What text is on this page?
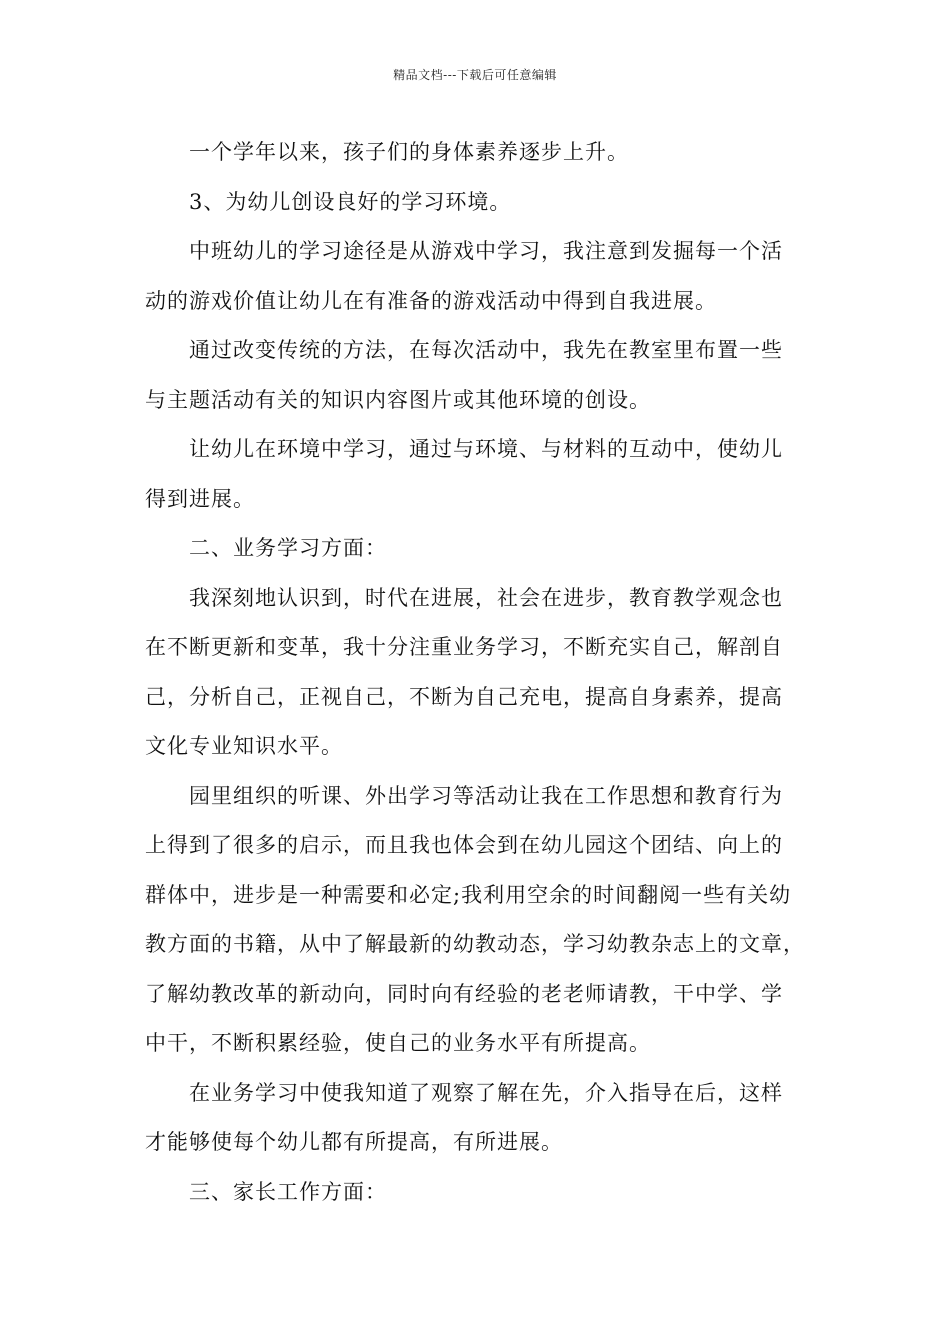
精品文档---下载后可任意编辑
一个学年以来，孩子们的身体素养逐步上升。
3、为幼儿创设良好的学习环境。
中班幼儿的学习途径是从游戏中学习，我注意到发掘每一个活
动的游戏价值让幼儿在有准备的游戏活动中得到自我进展。
通过改变传统的方法，在每次活动中，我先在教室里布置一些
与主题活动有关的知识内容图片或其他环境的创设。
让幼儿在环境中学习，通过与环境、与材料的互动中，使幼儿
得到进展。
二、业务学习方面：
我深刻地认识到，时代在进展，社会在进步，教育教学观念也
在不断更新和变革，我十分注重业务学习，不断充实自己，解剖自
己，分析自己，正视自己，不断为自己充电，提高自身素养，提高
文化专业知识水平。
园里组织的听课、外出学习等活动让我在工作思想和教育行为
上得到了很多的启示，而且我也体会到在幼儿园这个团结、向上的
群体中，进步是一种需要和必定;我利用空余的时间翻阅一些有关幼
教方面的书籍，从中了解最新的幼教动态，学习幼教杂志上的文章，
了解幼教改革的新动向，同时向有经验的老老师请教，干中学、学
中干，不断积累经验，使自己的业务水平有所提高。
在业务学习中使我知道了观察了解在先，介入指导在后，这样
才能够使每个幼儿都有所提高，有所进展。
三、家长工作方面：
